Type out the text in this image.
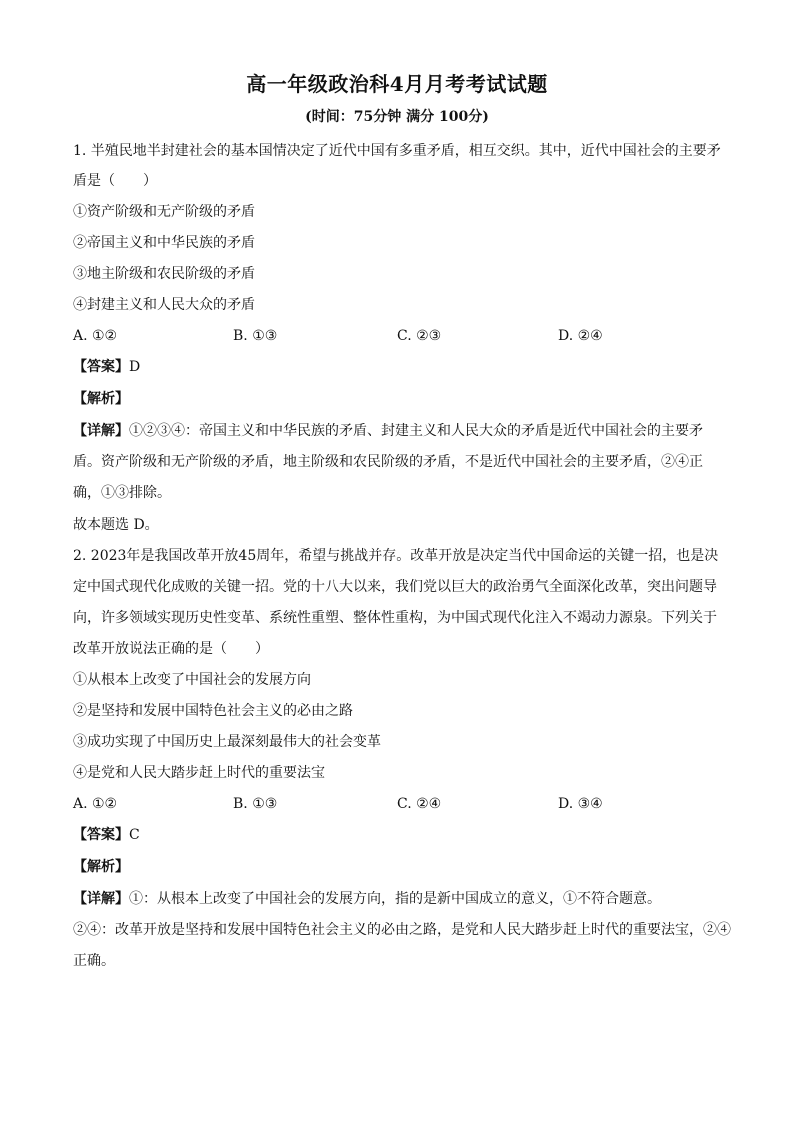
高一年级政治科4月月考考试试题
(时间：75分钟 满分 100分)
1. 半殖民地半封建社会的基本国情决定了近代中国有多重矛盾，相互交织。其中，近代中国社会的主要矛
盾是（　　）
①资产阶级和无产阶级的矛盾
②帝国主义和中华民族的矛盾
③地主阶级和农民阶级的矛盾
④封建主义和人民大众的矛盾
A. ①②	B. ①③	C. ②③	D. ②④
【答案】D
【解析】
【详解】①②③④：帝国主义和中华民族的矛盾、封建主义和人民大众的矛盾是近代中国社会的主要矛
盾。资产阶级和无产阶级的矛盾，地主阶级和农民阶级的矛盾，不是近代中国社会的主要矛盾，②④正
确，①③排除。
故本题选 D。
2. 2023年是我国改革开放45周年，希望与挑战并存。改革开放是决定当代中国命运的关键一招，也是决
定中国式现代化成败的关键一招。党的十八大以来，我们党以巨大的政治勇气全面深化改革，突出问题导
向，许多领域实现历史性变革、系统性重塑、整体性重构，为中国式现代化注入不竭动力源泉。下列关于
改革开放说法正确的是（　　）
①从根本上改变了中国社会的发展方向
②是坚持和发展中国特色社会主义的必由之路
③成功实现了中国历史上最深刻最伟大的社会变革
④是党和人民大踏步赶上时代的重要法宝
A. ①②	B. ①③	C. ②④	D. ③④
【答案】C
【解析】
【详解】①：从根本上改变了中国社会的发展方向，指的是新中国成立的意义，①不符合题意。
②④：改革开放是坚持和发展中国特色社会主义的必由之路，是党和人民大踏步赶上时代的重要法宝，②④
正确。
